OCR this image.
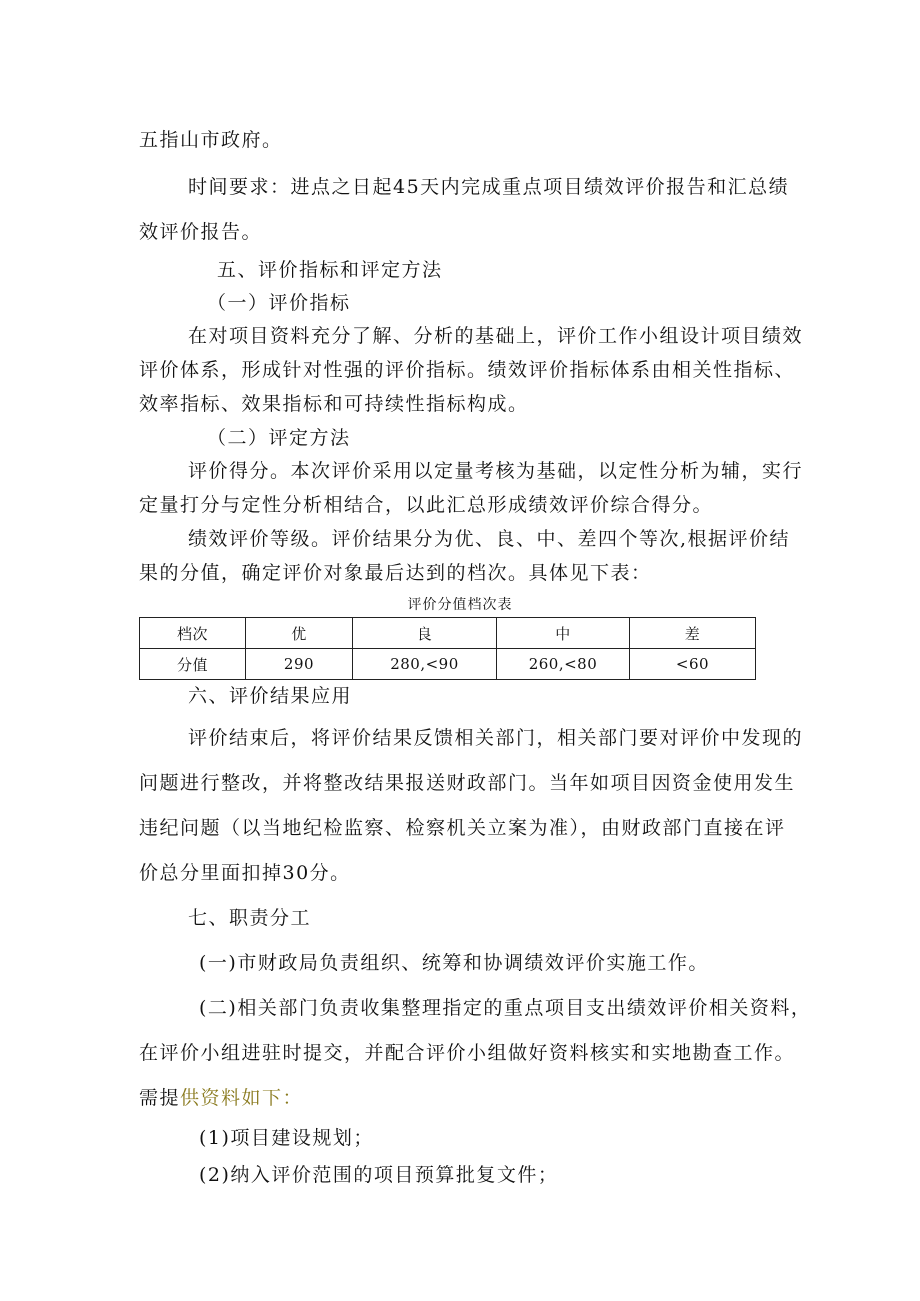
五指山市政府。
时间要求：进点之日起45天内完成重点项目绩效评价报告和汇总绩
效评价报告。
五、评价指标和评定方法
（一）评价指标
在对项目资料充分了解、分析的基础上，评价工作小组设计项目绩效
评价体系，形成针对性强的评价指标。绩效评价指标体系由相关性指标、
效率指标、效果指标和可持续性指标构成。
（二）评定方法
评价得分。本次评价采用以定量考核为基础，以定性分析为辅，实行
定量打分与定性分析相结合，以此汇总形成绩效评价综合得分。
绩效评价等级。评价结果分为优、良、中、差四个等次,根据评价结
果的分值，确定评价对象最后达到的档次。具体见下表：
评价分值档次表
档次	优	良	中	差
分值	290	280,<90	260,<80	<60
六、评价结果应用
评价结束后，将评价结果反馈相关部门，相关部门要对评价中发现的
问题进行整改，并将整改结果报送财政部门。当年如项目因资金使用发生
违纪问题（以当地纪检监察、检察机关立案为准），由财政部门直接在评
价总分里面扣掉30分。
七、职责分工
(一)市财政局负责组织、统筹和协调绩效评价实施工作。
(二)相关部门负责收集整理指定的重点项目支出绩效评价相关资料，
在评价小组进驻时提交，并配合评价小组做好资料核实和实地勘查工作。
需提供资料如下：
(1)项目建设规划；
(2)纳入评价范围的项目预算批复文件；
